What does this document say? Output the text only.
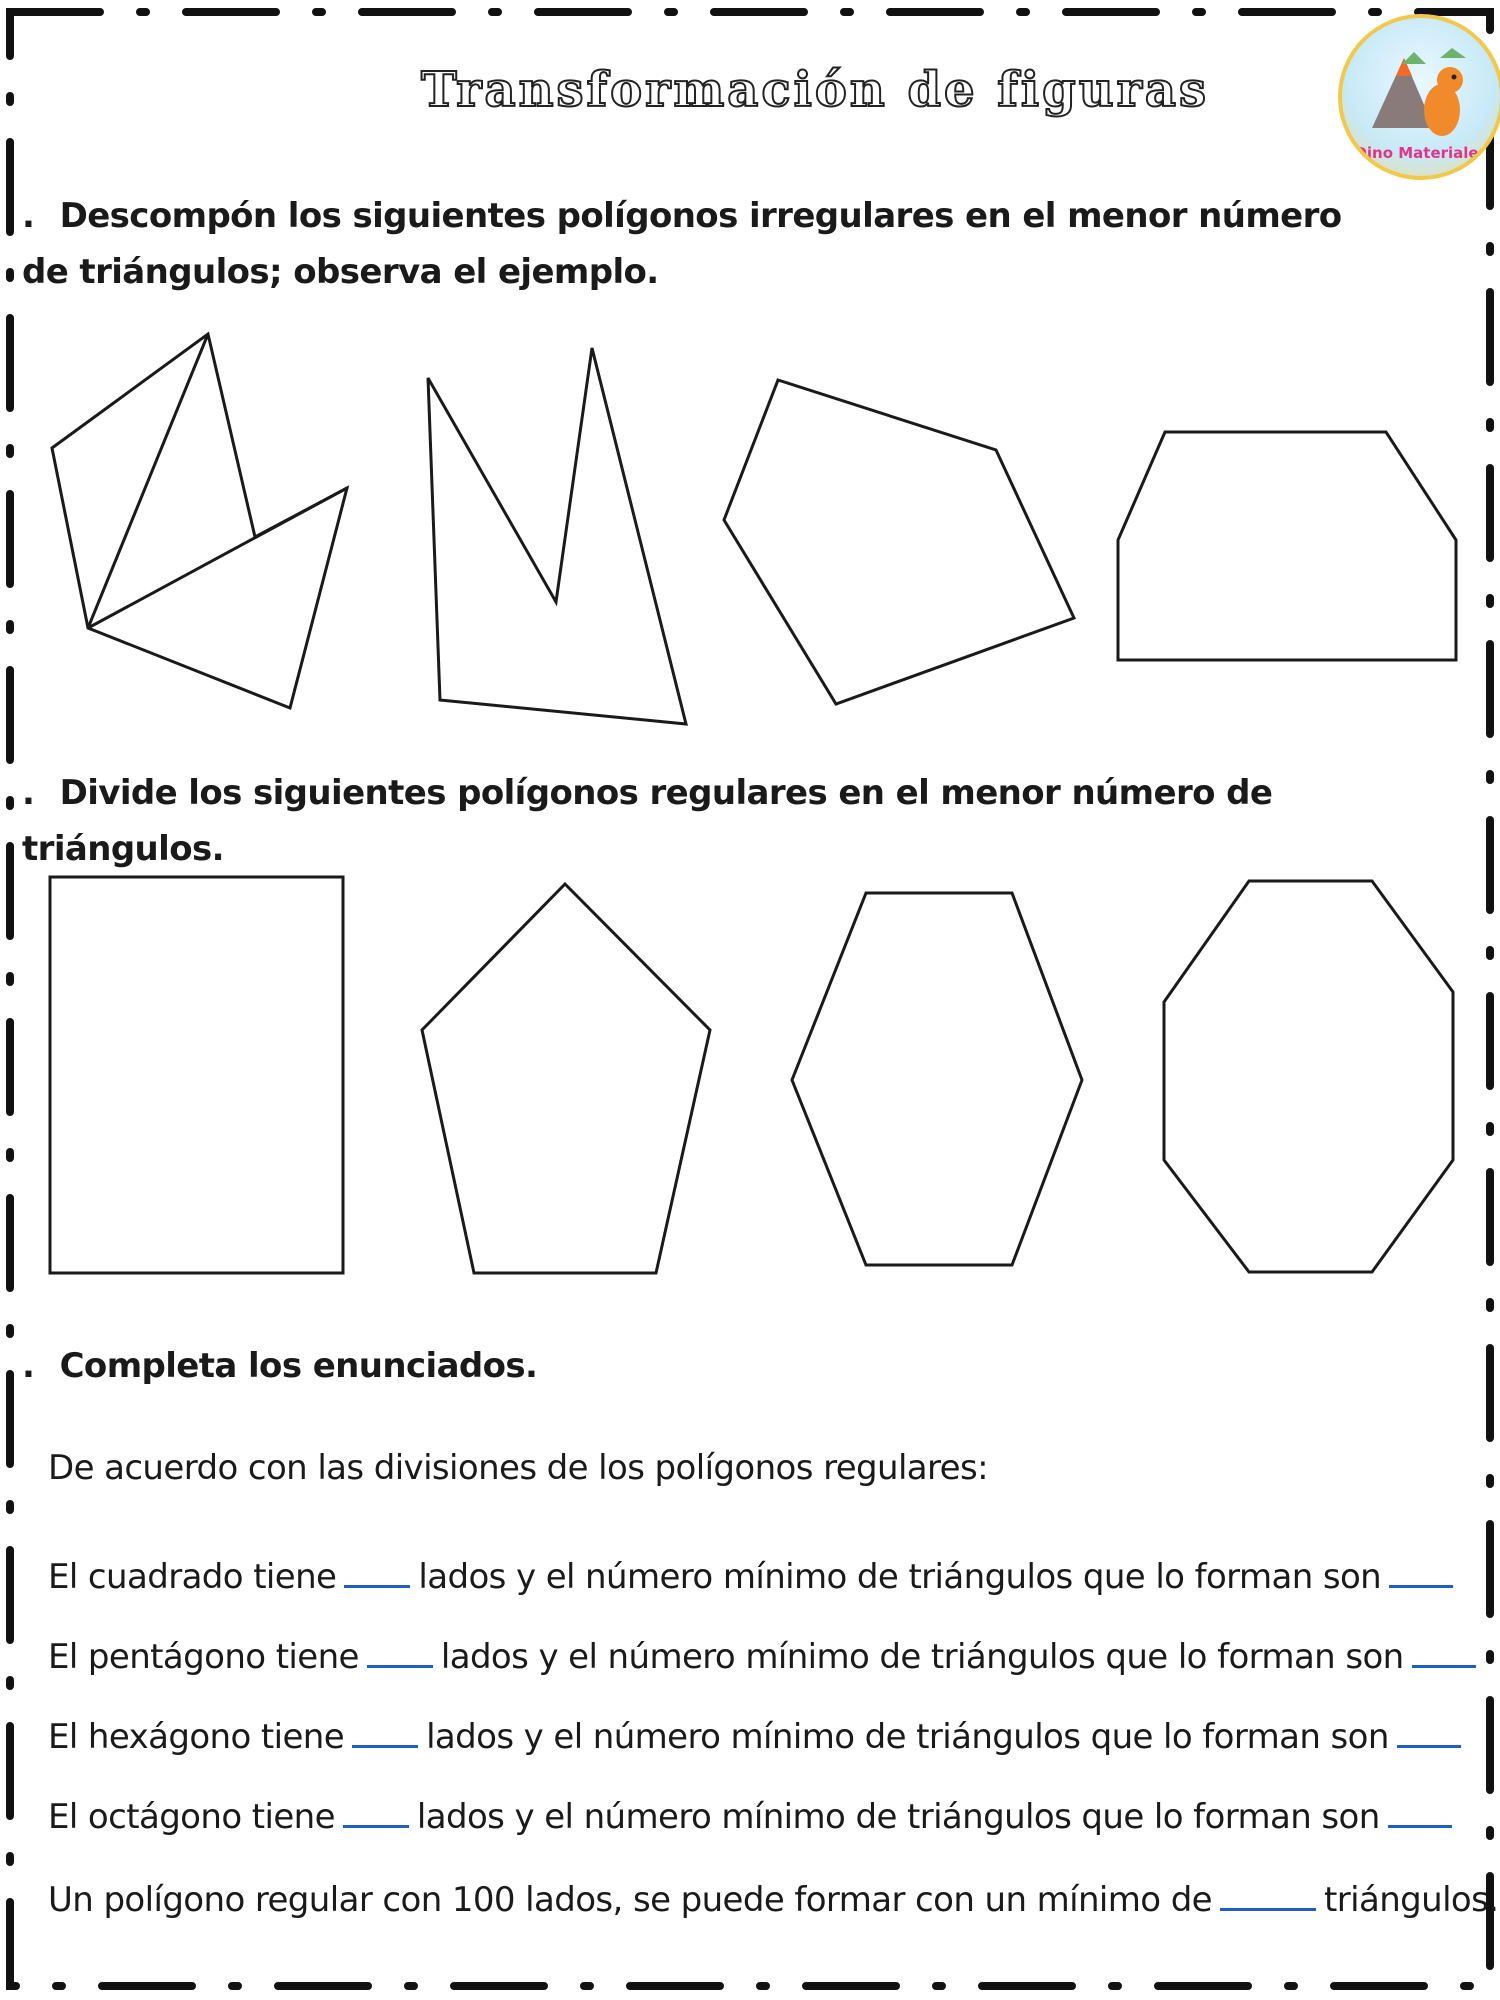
Transformación de figuras
Dino Materiales
. Descompón los siguientes polígonos irregulares en el menor número de triángulos; observa el ejemplo.
. Divide los siguientes polígonos regulares en el menor número de triángulos.
. Completa los enunciados.
De acuerdo con las divisiones de los polígonos regulares:
El cuadrado tiene lados y el número mínimo de triángulos que lo forman son
El pentágono tiene lados y el número mínimo de triángulos que lo forman son
El hexágono tiene lados y el número mínimo de triángulos que lo forman son
El octágono tiene lados y el número mínimo de triángulos que lo forman son
Un polígono regular con 100 lados, se puede formar con un mínimo de	triángulos.
